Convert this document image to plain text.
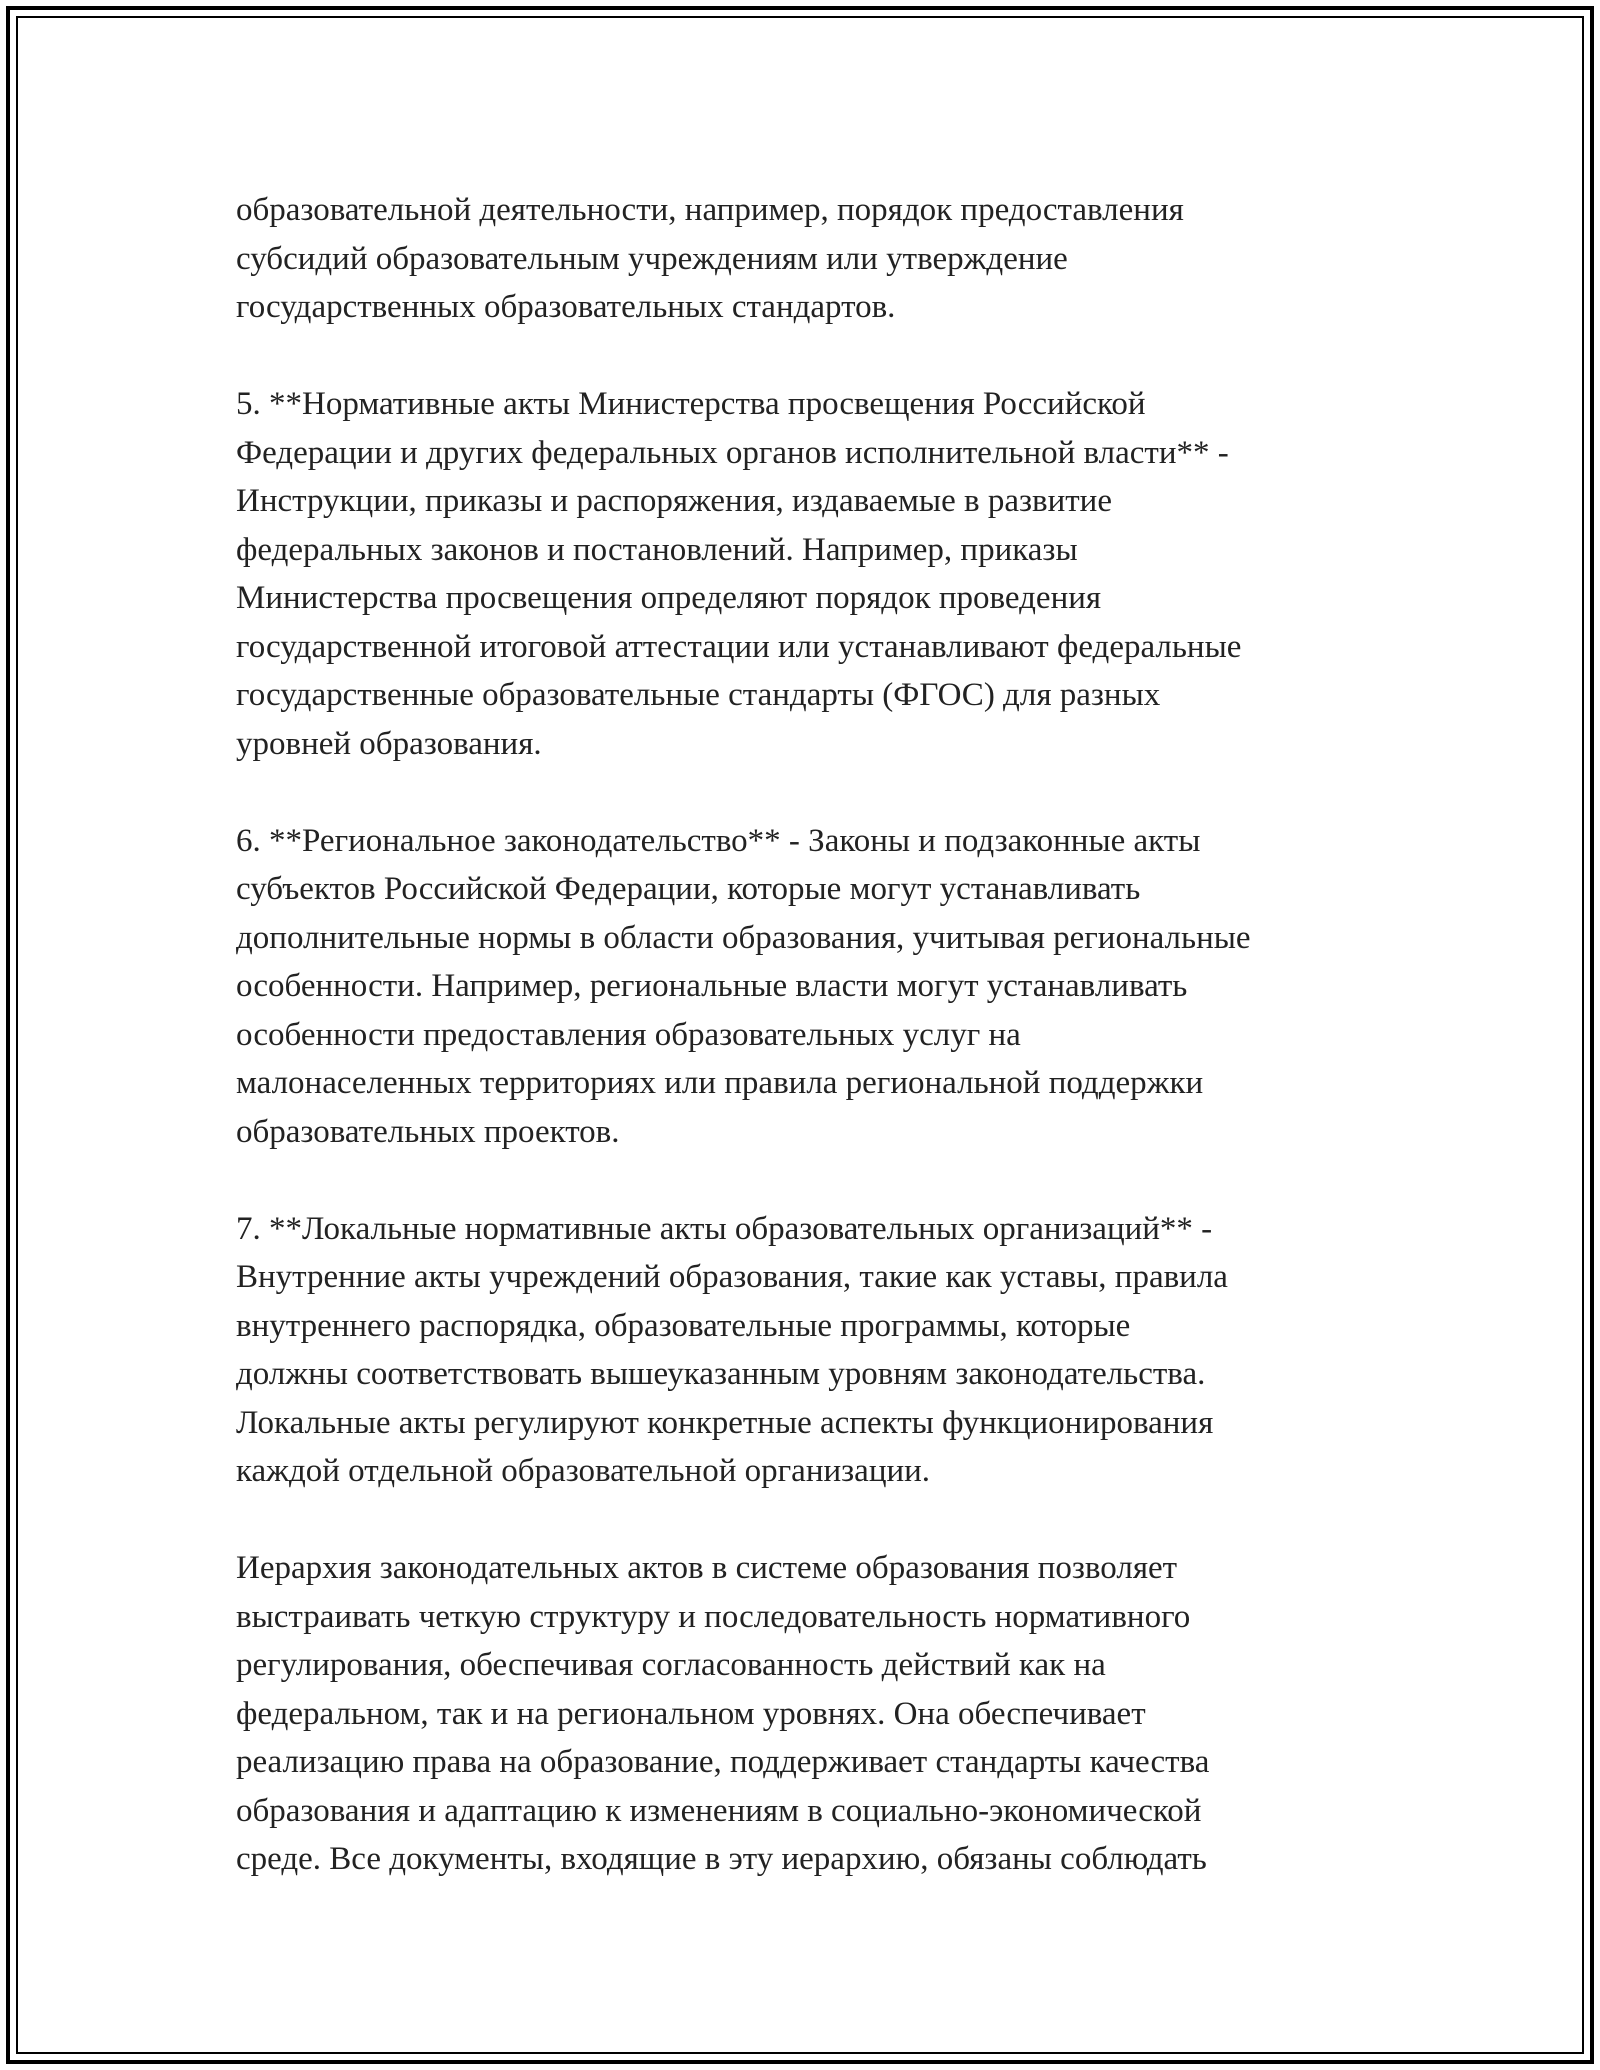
образовательной деятельности, например, порядок предоставления
субсидий образовательным учреждениям или утверждение
государственных образовательных стандартов.
5. **Нормативные акты Министерства просвещения Российской
Федерации и других федеральных органов исполнительной власти** -
Инструкции, приказы и распоряжения, издаваемые в развитие
федеральных законов и постановлений. Например, приказы
Министерства просвещения определяют порядок проведения
государственной итоговой аттестации или устанавливают федеральные
государственные образовательные стандарты (ФГОС) для разных
уровней образования.
6. **Региональное законодательство** - Законы и подзаконные акты
субъектов Российской Федерации, которые могут устанавливать
дополнительные нормы в области образования, учитывая региональные
особенности. Например, региональные власти могут устанавливать
особенности предоставления образовательных услуг на
малонаселенных территориях или правила региональной поддержки
образовательных проектов.
7. **Локальные нормативные акты образовательных организаций** -
Внутренние акты учреждений образования, такие как уставы, правила
внутреннего распорядка, образовательные программы, которые
должны соответствовать вышеуказанным уровням законодательства.
Локальные акты регулируют конкретные аспекты функционирования
каждой отдельной образовательной организации.
Иерархия законодательных актов в системе образования позволяет
выстраивать четкую структуру и последовательность нормативного
регулирования, обеспечивая согласованность действий как на
федеральном, так и на региональном уровнях. Она обеспечивает
реализацию права на образование, поддерживает стандарты качества
образования и адаптацию к изменениям в социально-экономической
среде. Все документы, входящие в эту иерархию, обязаны соблюдать
